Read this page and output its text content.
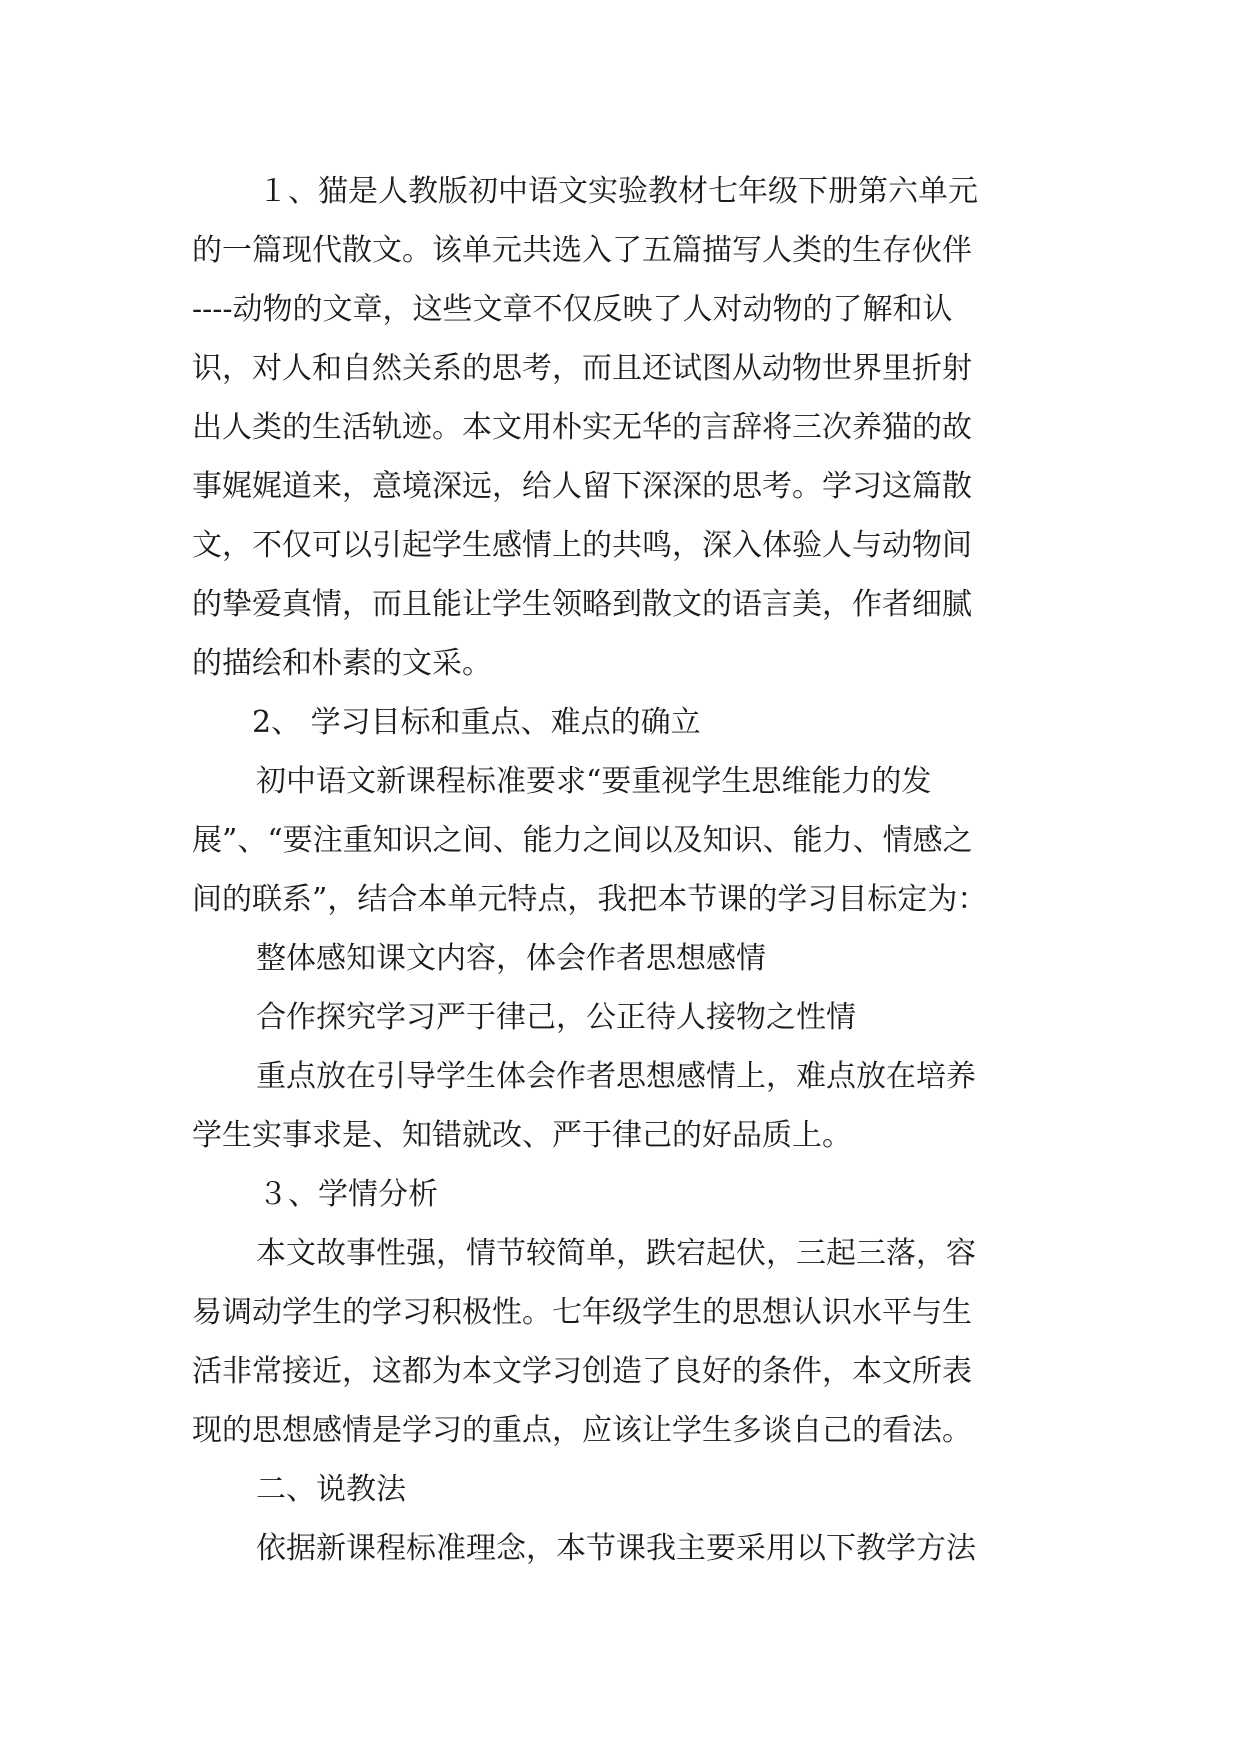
１、猫是人教版初中语文实验教材七年级下册第六单元
的一篇现代散文。该单元共选入了五篇描写人类的生存伙伴
----动物的文章，这些文章不仅反映了人对动物的了解和认
识，对人和自然关系的思考，而且还试图从动物世界里折射
出人类的生活轨迹。本文用朴实无华的言辞将三次养猫的故
事娓娓道来，意境深远，给人留下深深的思考。学习这篇散
文，不仅可以引起学生感情上的共鸣，深入体验人与动物间
的挚爱真情，而且能让学生领略到散文的语言美，作者细腻
的描绘和朴素的文采。
2、 学习目标和重点、难点的确立
初中语文新课程标准要求“要重视学生思维能力的发
展”、“要注重知识之间、能力之间以及知识、能力、情感之
间的联系”，结合本单元特点，我把本节课的学习目标定为：
整体感知课文内容，体会作者思想感情
合作探究学习严于律己，公正待人接物之性情
重点放在引导学生体会作者思想感情上，难点放在培养
学生实事求是、知错就改、严于律己的好品质上。
３、学情分析
本文故事性强，情节较简单，跌宕起伏，三起三落，容
易调动学生的学习积极性。七年级学生的思想认识水平与生
活非常接近，这都为本文学习创造了良好的条件，本文所表
现的思想感情是学习的重点，应该让学生多谈自己的看法。
二、说教法
依据新课程标准理念，本节课我主要采用以下教学方法
